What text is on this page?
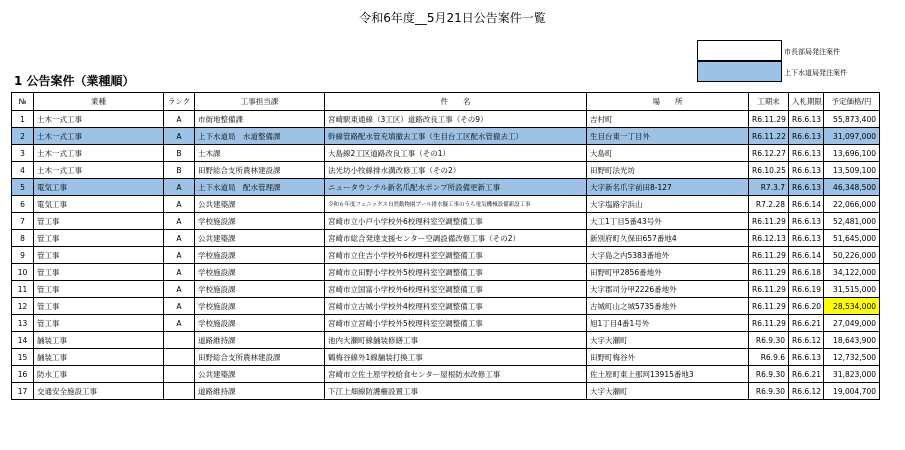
令和6年度__5月21日公告案件一覧
市長部局発注案件
上下水道局発注案件
1 公告案件（業種順）
№	業種	ランク	工事担当課	件　　名	場　　所	工期末	入札期限	予定価格/円
1	土木一式工事	A	市街地整備課	宮崎駅東通線（3工区）道路改良工事（その9）	吉村町	R6.11.29	R6.6.13	55,873,400
2	土木一式工事	A	上下水道局　水道整備課	幹線管路配水管充填撤去工事（生目台工区配水管撤去工）	生目台東一丁目外	R6.11.22	R6.6.13	31,097,000
3	土木一式工事	B	土木課	大島線2工区道路改良工事（その1）	大島町	R6.12.27	R6.6.13	13,696,100
4	土木一式工事	B	田野総合支所農林建設課	法光坊小牧線排水溝改修工事（その2）	田野町法光坊	R6.10.25	R6.6.13	13,509,100
5	電気工事	A	上下水道局　配水管理課	ニュータウンテル新名爪配水ポンプ所設備更新工事	大字新名爪字前田8-127	R7.3.7	R6.6.13	46,348,500
6	電気工事	A	公共建築課	令和６年度フェニックス自然動物園プール排水擬工事のうち電気機械設備新設工事	大字塩路字浜山	R7.2.28	R6.6.14	22,066,000
7	管工事	A	学校施設課	宮崎市立小戸小学校外6校理科室空調整備工事	大工1丁目5番43号外	R6.11.29	R6.6.13	52,481,000
8	管工事	A	公共建築課	宮崎市総合発達支援センター空調設備改修工事（その2）	新別府町久保田657番地4	R6.12.13	R6.6.13	51,645,000
9	管工事	A	学校施設課	宮崎市立住吉小学校外6校理科室空調整備工事	大字島之内5383番地外	R6.11.29	R6.6.14	50,226,000
10	管工事	A	学校施設課	宮崎市立田野小学校外5校理科室空調整備工事	田野町甲2856番地外	R6.11.29	R6.6.18	34,122,000
11	管工事	A	学校施設課	宮崎市立国富小学校外6校理科室空調整備工事	大字郡司分甲2226番地外	R6.11.29	R6.6.19	31,515,000
12	管工事	A	学校施設課	宮崎市立古城小学校外4校理科室空調整備工事	古城町山之城5735番地外	R6.11.29	R6.6.20	28,534,000
13	管工事	A	学校施設課	宮崎市立宮崎小学校外5校理科室空調整備工事	旭1丁目4番1号外	R6.11.29	R6.6.21	27,049,000
14	舗装工事		道路維持課	池内大瀬町線舗装修繕工事	大字大瀬町	R6.9.30	R6.6.12	18,643,900
15	舗装工事		田野総合支所農林建設課	鶴梅谷線外1線舗装打換工事	田野町梅谷外	R6.9.6	R6.6.13	12,732,500
16	防水工事		公共建築課	宮崎市立佐土原学校給食センター屋根防水改修工事	佐土原町東上那珂13915番地3	R6.9.30	R6.6.21	31,823,000
17	交通安全施設工事		道路維持課	下江上畑線防護柵設置工事	大字大瀬町	R6.9.30	R6.6.12	19,004,700
